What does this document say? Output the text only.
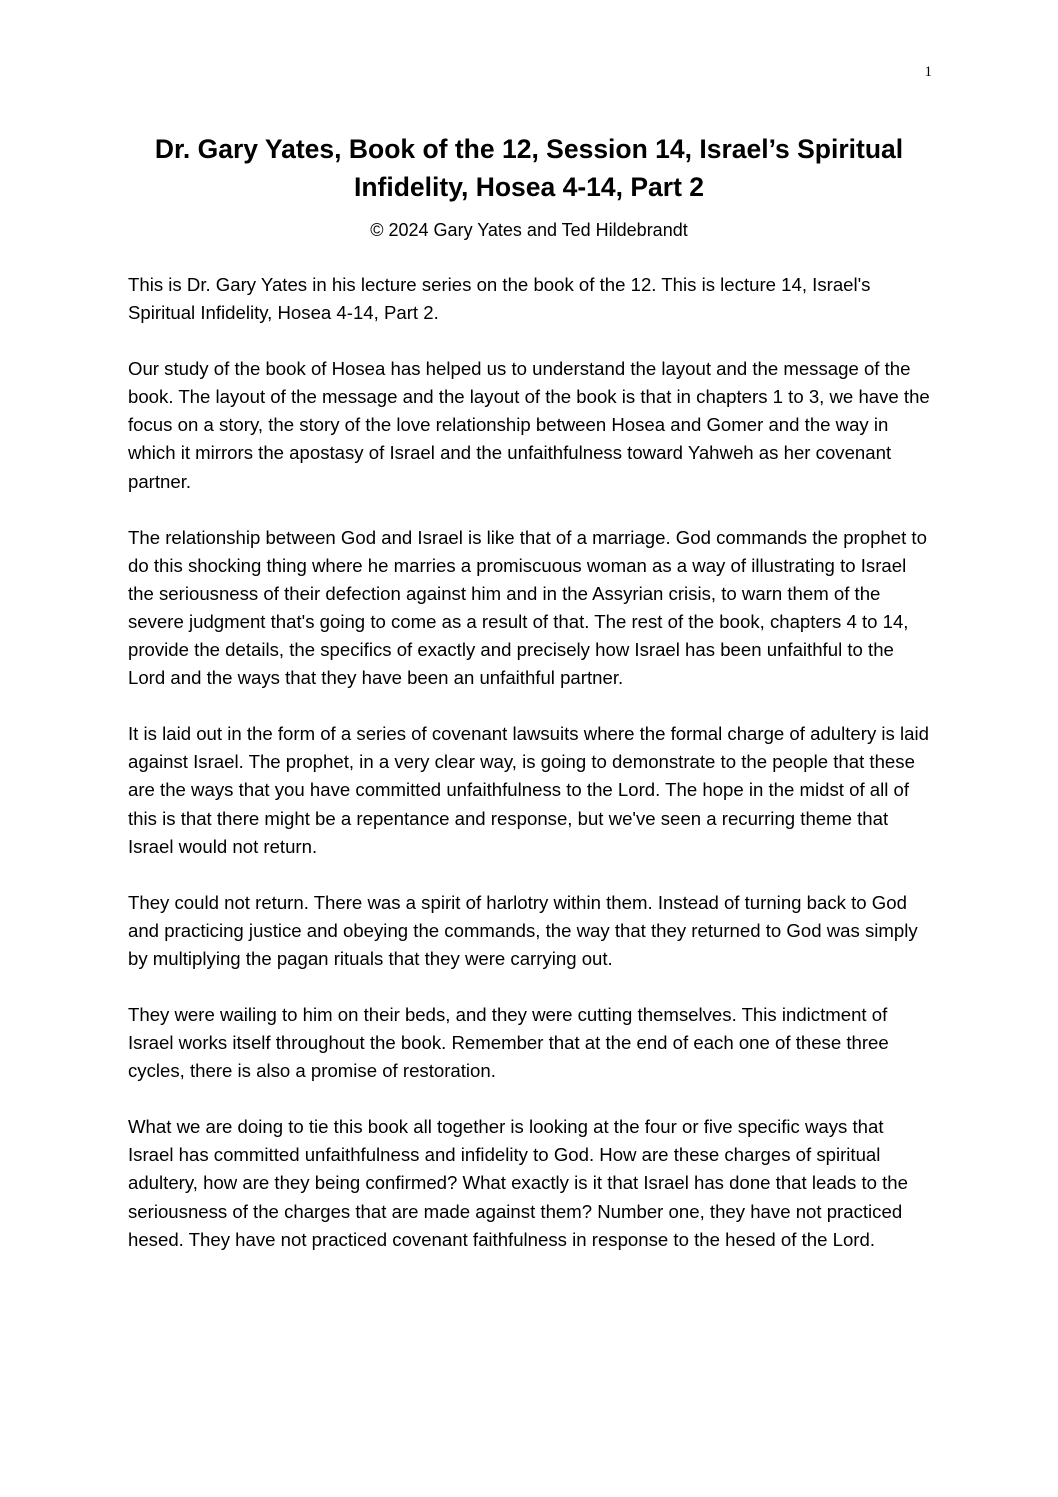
1
Dr. Gary Yates, Book of the 12, Session 14, Israel’s Spiritual Infidelity, Hosea 4-14, Part 2
© 2024 Gary Yates and Ted Hildebrandt

This is Dr. Gary Yates in his lecture series on the book of the 12. This is lecture 14, Israel's Spiritual Infidelity, Hosea 4-14, Part 2.

Our study of the book of Hosea has helped us to understand the layout and the message of the book. The layout of the message and the layout of the book is that in chapters 1 to 3, we have the focus on a story, the story of the love relationship between Hosea and Gomer and the way in which it mirrors the apostasy of Israel and the unfaithfulness toward Yahweh as her covenant partner.

The relationship between God and Israel is like that of a marriage. God commands the prophet to do this shocking thing where he marries a promiscuous woman as a way of illustrating to Israel the seriousness of their defection against him and in the Assyrian crisis, to warn them of the severe judgment that's going to come as a result of that. The rest of the book, chapters 4 to 14, provide the details, the specifics of exactly and precisely how Israel has been unfaithful to the Lord and the ways that they have been an unfaithful partner.

It is laid out in the form of a series of covenant lawsuits where the formal charge of adultery is laid against Israel. The prophet, in a very clear way, is going to demonstrate to the people that these are the ways that you have committed unfaithfulness to the Lord. The hope in the midst of all of this is that there might be a repentance and response, but we've seen a recurring theme that Israel would not return.

They could not return. There was a spirit of harlotry within them. Instead of turning back to God and practicing justice and obeying the commands, the way that they returned to God was simply by multiplying the pagan rituals that they were carrying out.

They were wailing to him on their beds, and they were cutting themselves. This indictment of Israel works itself throughout the book. Remember that at the end of each one of these three cycles, there is also a promise of restoration.

What we are doing to tie this book all together is looking at the four or five specific ways that Israel has committed unfaithfulness and infidelity to God. How are these charges of spiritual adultery, how are they being confirmed? What exactly is it that Israel has done that leads to the seriousness of the charges that are made against them? Number one, they have not practiced hesed. They have not practiced covenant faithfulness in response to the hesed of the Lord.
